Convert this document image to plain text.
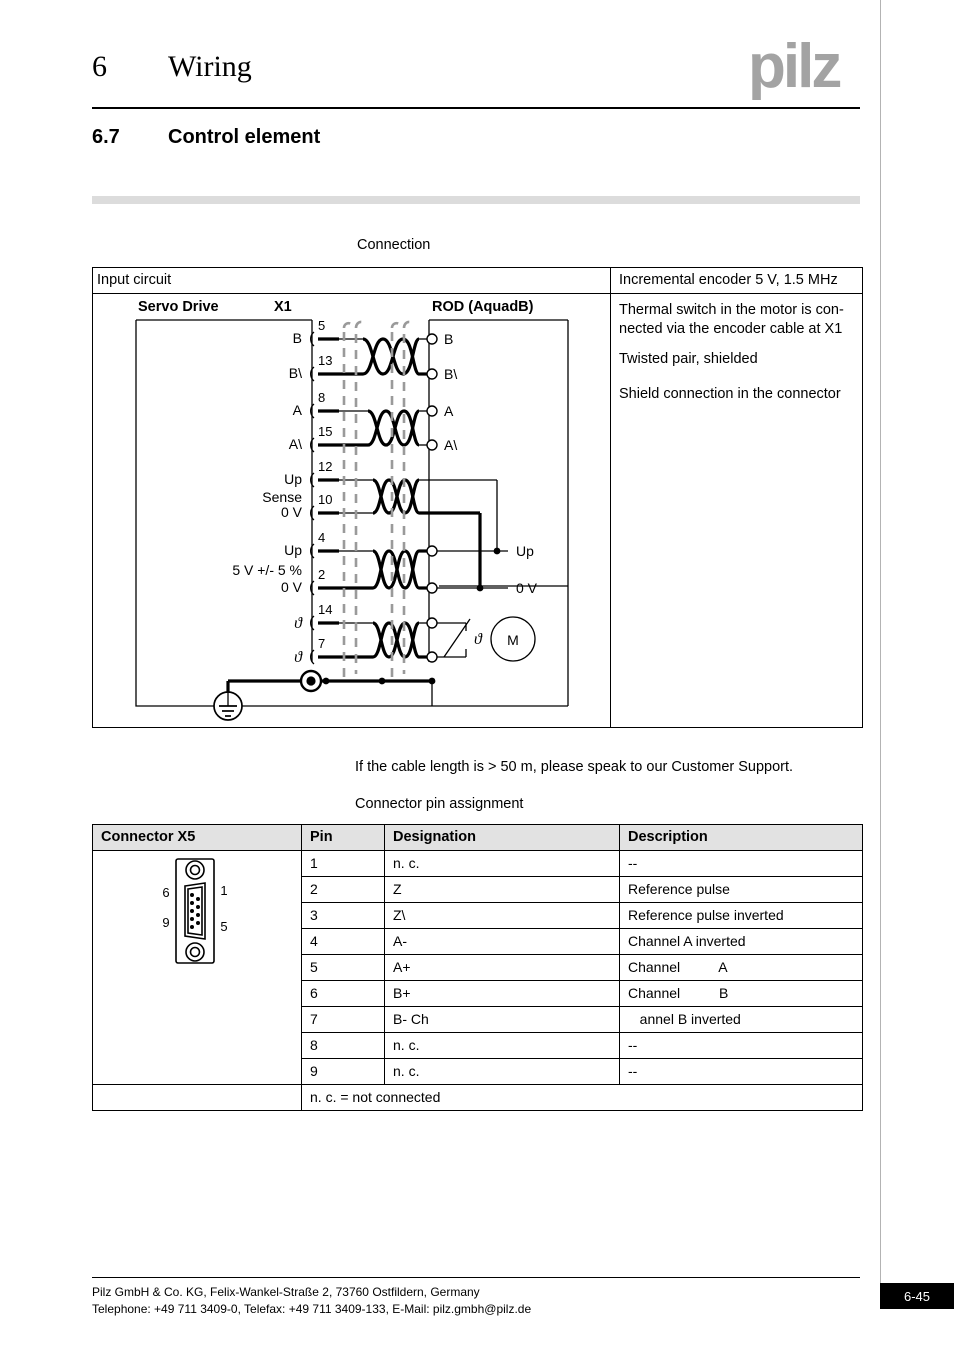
6 Wiring	pilz
6.7 Control element
Connection
Input circuit	Incremental encoder 5 V, 1.5 MHz
Thermal switch in the motor is con-
nected via the encoder cable at X1
Twisted pair, shielded
Shield connection in the connector
Servo Drive	X1	ROD (AquadB)
B
5
B
B\
13
B\
A
8
A
A\
15
A\
Up
12
Sense
0 V
10
Up
4
5 V +/- 5 %
0 V
2
Up
0 V
ϑ
14
ϑ
7	ϑ M
If the cable length is > 50 m, please speak to our Customer Support.
Connector pin assignment
Connector X5	Pin	Designation	Description

6
9
1
5	1	n. c.	--
	2	Z	Reference pulse
	3	Z\	Reference pulse inverted
	4	A-	Channel A inverted
	5	A+	Channel          A
	6	B+	Channel          B
	7	B- Ch	annel B inverted
	8	n. c.	--
	9	n. c.	--
	n. c. = not connected		
Pilz GmbH & Co. KG, Felix-Wankel-Straße 2, 73760 Ostfildern, Germany
Telephone: +49 711 3409-0, Telefax: +49 711 3409-133, E-Mail: pilz.gmbh@pilz.de
6-45
